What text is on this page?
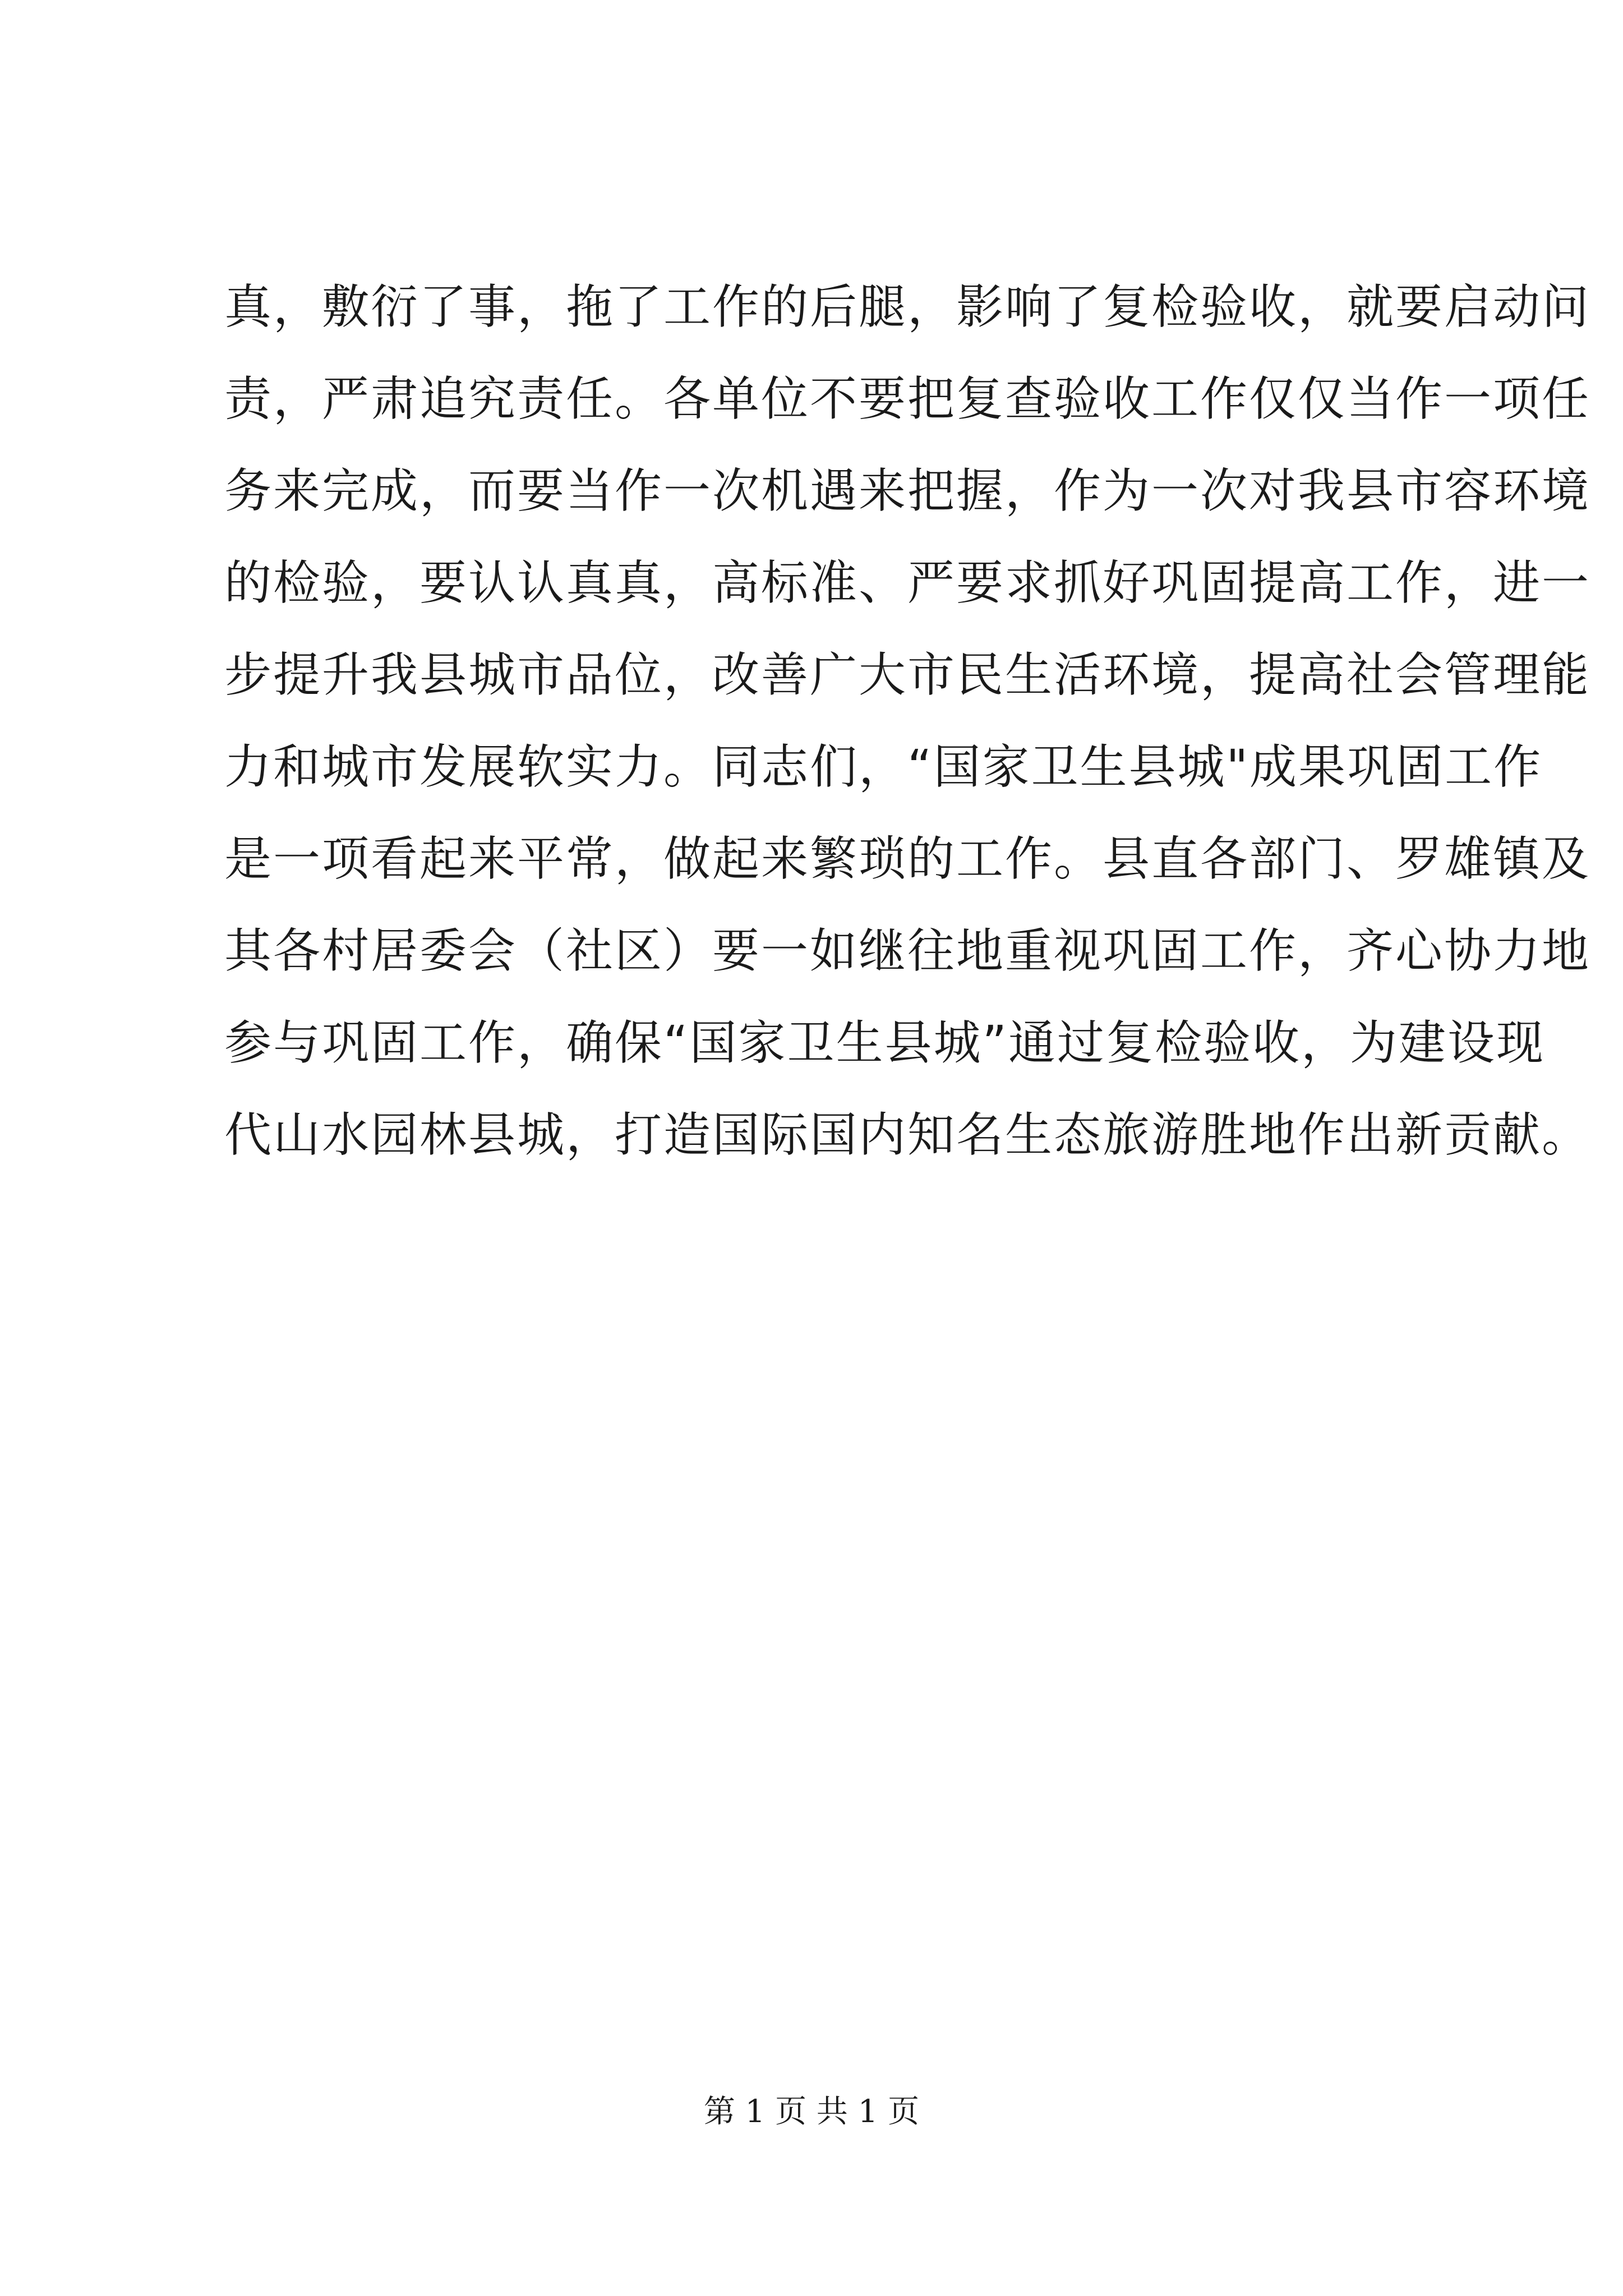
真，敷衍了事，拖了工作的后腿，影响了复检验收，就要启动问
责，严肃追究责任。各单位不要把复查验收工作仅仅当作一项任
务来完成，而要当作一次机遇来把握，作为一次对我县市容环境
的检验，要认认真真，高标准、严要求抓好巩固提高工作，进一
步提升我县城市品位，改善广大市民生活环境，提高社会管理能
力和城市发展软实力。同志们，“国家卫生县城"成果巩固工作
是一项看起来平常，做起来繁琐的工作。县直各部门、罗雄镇及
其各村居委会（社区）要一如继往地重视巩固工作，齐心协力地
参与巩固工作，确保“国家卫生县城”通过复检验收，为建设现
代山水园林县城，打造国际国内知名生态旅游胜地作出新贡献。
第 1 页 共 1 页
